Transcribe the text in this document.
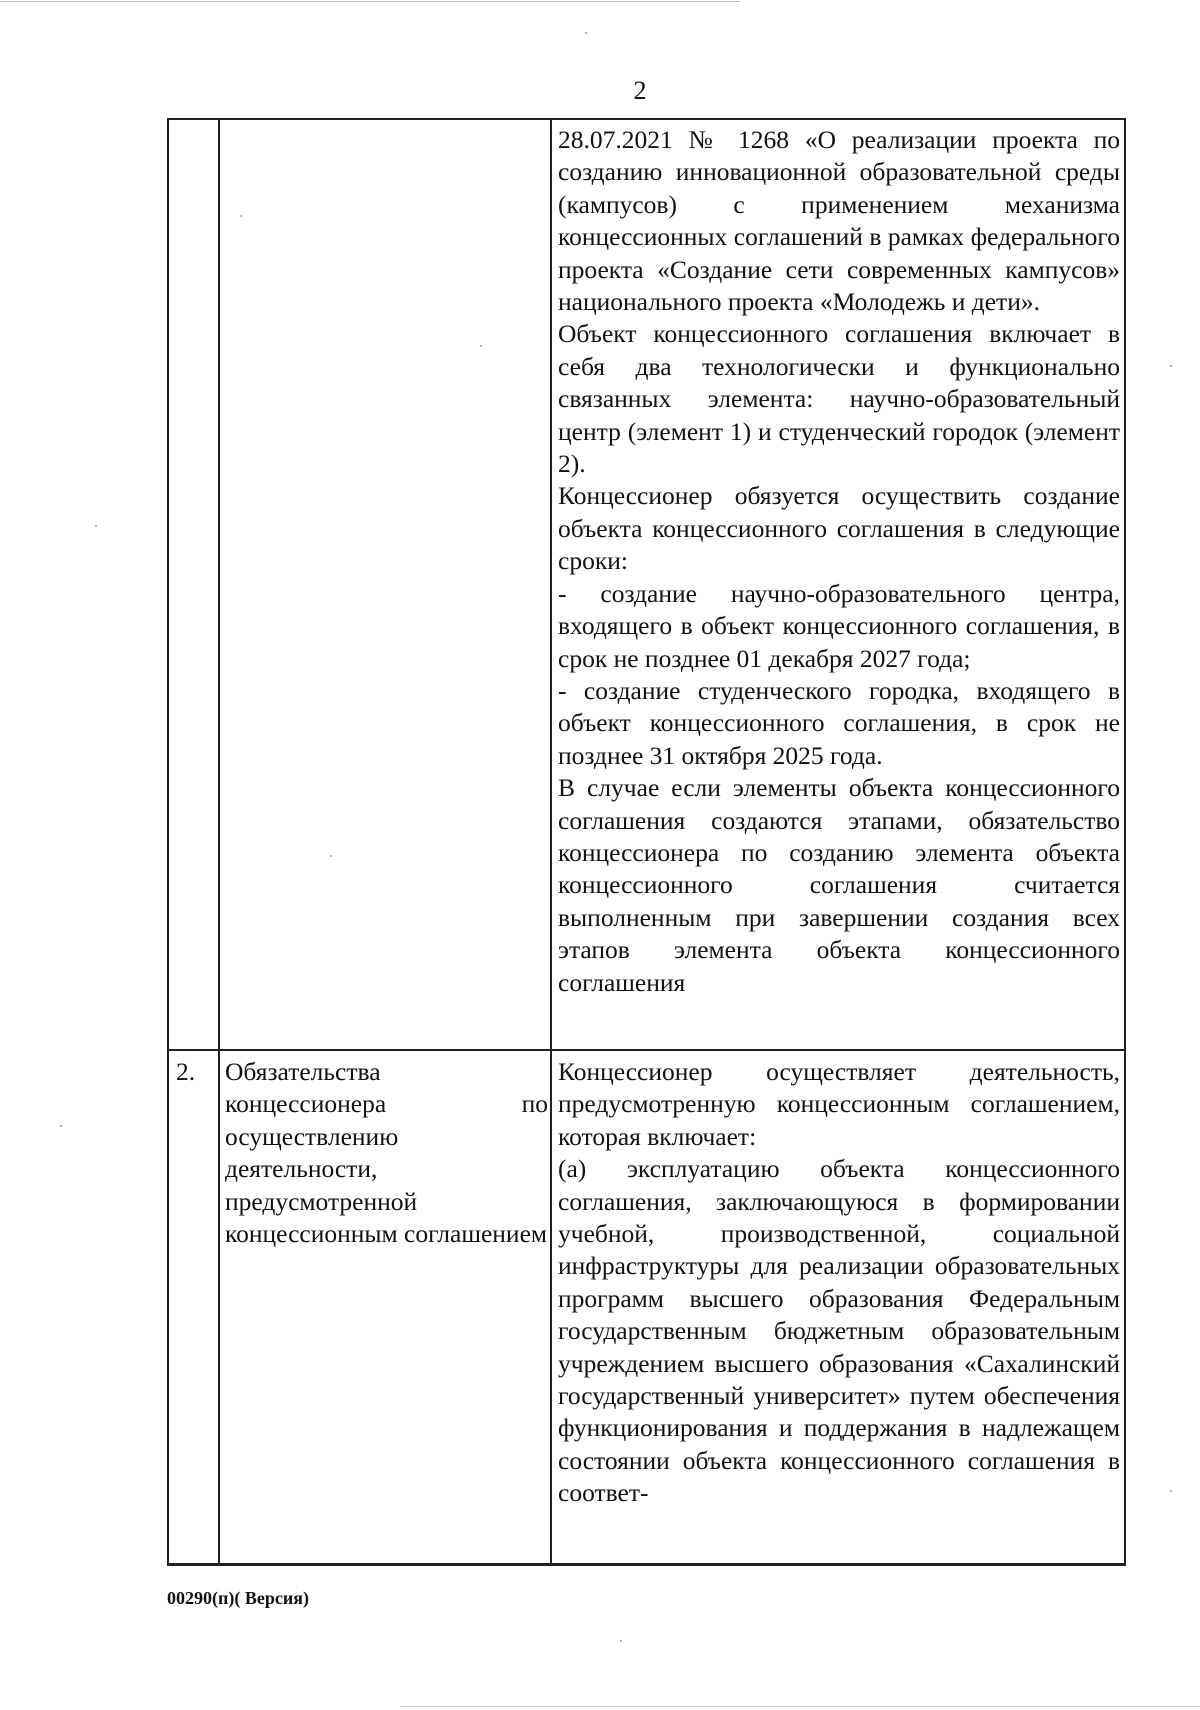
2

28.07.2021 № 1268 «О реализации проекта по созданию инновационной образовательной среды (кампусов) с применением механизма концессионных соглашений в рамках федерального проекта «Создание сети современных кампусов» национального проекта «Молодежь и дети».

Объект концессионного соглашения включает в себя два технологически и функционально связанных элемента: научно-образовательный центр (элемент 1) и студенческий городок (элемент 2).

Концессионер обязуется осуществить создание объекта концессионного соглашения в следующие сроки:

- создание научно-образовательного центра, входящего в объект концессионного соглашения, в срок не позднее 01 декабря 2027 года;

- создание студенческого городка, входящего в объект концессионного соглашения, в срок не позднее 31 октября 2025 года.

В случае если элементы объекта концессионного соглашения создаются этапами, обязательство концессионера по созданию элемента объекта концессионного соглашения считается выполненным при завершении создания всех этапов элемента объекта концессионного соглашения

2.	Обязательства концессионера по осуществлению деятельности, предусмотренной концессионным соглашением

Концессионер осуществляет деятельность, предусмотренную концессионным соглашением, которая включает:

(а) эксплуатацию объекта концессионного соглашения, заключающуюся в формировании учебной, производственной, социальной инфраструктуры для реализации образовательных программ высшего образования Федеральным государственным бюджетным образовательным учреждением высшего образования «Сахалинский государственный университет» путем обеспечения функционирования и поддержания в надлежащем состоянии объекта концессионного соглашения в соответ-

00290(п)( Версия)
